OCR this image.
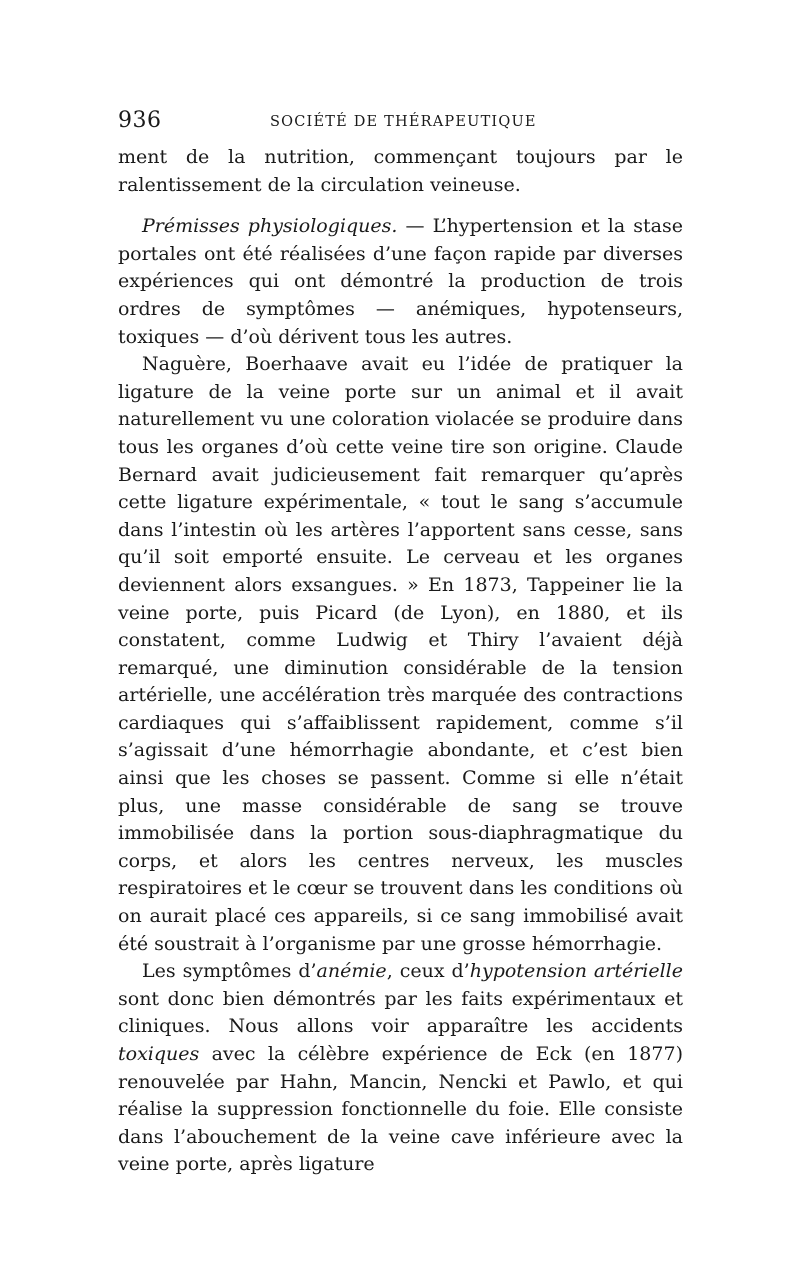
936	SOCIÉTÉ DE THÉRAPEUTIQUE

ment de la nutrition, commençant toujours par le ralentissement de la circulation veineuse.

Prémisses physiologiques. — L’hypertension et la stase portales ont été réalisées d’une façon rapide par diverses expériences qui ont démontré la production de trois ordres de symptômes — anémiques, hypotenseurs, toxiques — d’où dérivent tous les autres.

Naguère, Boerhaave avait eu l’idée de pratiquer la ligature de la veine porte sur un animal et il avait naturellement vu une coloration violacée se produire dans tous les organes d’où cette veine tire son origine. Claude Bernard avait judicieusement fait remarquer qu’après cette ligature expérimentale, « tout le sang s’accumule dans l’intestin où les artères l’apportent sans cesse, sans qu’il soit emporté ensuite. Le cerveau et les organes deviennent alors exsangues. » En 1873, Tappeiner lie la veine porte, puis Picard (de Lyon), en 1880, et ils constatent, comme Ludwig et Thiry l’avaient déjà remarqué, une diminution considérable de la tension artérielle, une accélération très marquée des contractions cardiaques qui s’affaiblissent rapidement, comme s’il s’agissait d’une hémorrhagie abondante, et c’est bien ainsi que les choses se passent. Comme si elle n’était plus, une masse considérable de sang se trouve immobilisée dans la portion sous-diaphragmatique du corps, et alors les centres nerveux, les muscles respiratoires et le cœur se trouvent dans les conditions où on aurait placé ces appareils, si ce sang immobilisé avait été soustrait à l’organisme par une grosse hémorrhagie.

Les symptômes d’anémie, ceux d’hypotension artérielle sont donc bien démontrés par les faits expérimentaux et cliniques. Nous allons voir apparaître les accidents toxiques avec la célèbre expérience de Eck (en 1877) renouvelée par Hahn, Mancin, Nencki et Pawlo, et qui réalise la suppression fonctionnelle du foie. Elle consiste dans l’abouchement de la veine cave inférieure avec la veine porte, après ligature
